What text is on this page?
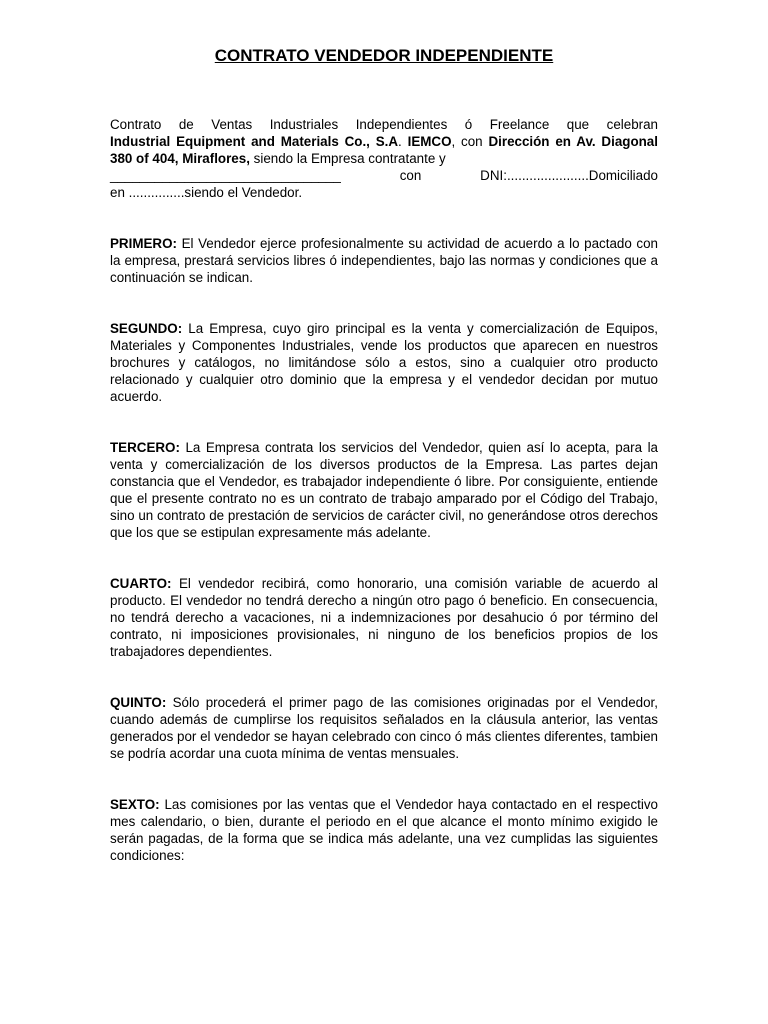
CONTRATO VENDEDOR INDEPENDIENTE

Contrato de Ventas Industriales Independientes ó Freelance que celebran

Industrial Equipment and Materials Co., S.A. IEMCO, con Dirección en Av. Diagonal 380 of 404, Miraflores, siendo la Empresa contratante y

_______________________________	con	DNI:......................Domiciliado

en ...............siendo el Vendedor.

PRIMERO: El Vendedor ejerce profesionalmente su actividad de acuerdo a lo pactado con la empresa, prestará servicios libres ó independientes, bajo las normas y condiciones que a continuación se indican.

SEGUNDO: La Empresa, cuyo giro principal es la venta y comercialización de Equipos, Materiales y Componentes Industriales, vende los productos que aparecen en nuestros brochures y catálogos, no limitándose sólo a estos, sino a cualquier otro producto relacionado y cualquier otro dominio que la empresa y el vendedor decidan por mutuo acuerdo.

TERCERO: La Empresa contrata los servicios del Vendedor, quien así lo acepta, para la venta y comercialización de los diversos productos de la Empresa. Las partes dejan constancia que el Vendedor, es trabajador independiente ó libre. Por consiguiente, entiende que el presente contrato no es un contrato de trabajo amparado por el Código del Trabajo, sino un contrato de prestación de servicios de carácter civil, no generándose otros derechos que los que se estipulan expresamente más adelante.

CUARTO: El vendedor recibirá, como honorario, una comisión variable de acuerdo al producto. El vendedor no tendrá derecho a ningún otro pago ó beneficio. En consecuencia, no tendrá derecho a vacaciones, ni a indemnizaciones por desahucio ó por término del contrato, ni imposiciones provisionales, ni ninguno de los beneficios propios de los trabajadores dependientes.

QUINTO: Sólo procederá el primer pago de las comisiones originadas por el Vendedor, cuando además de cumplirse los requisitos señalados en la cláusula anterior, las ventas generados por el vendedor se hayan celebrado con cinco ó más clientes diferentes, tambien se podría acordar una cuota mínima de ventas mensuales.

SEXTO: Las comisiones por las ventas que el Vendedor haya contactado en el respectivo mes calendario, o bien, durante el periodo en el que alcance el monto mínimo exigido le serán pagadas, de la forma que se indica más adelante, una vez cumplidas las siguientes condiciones:
